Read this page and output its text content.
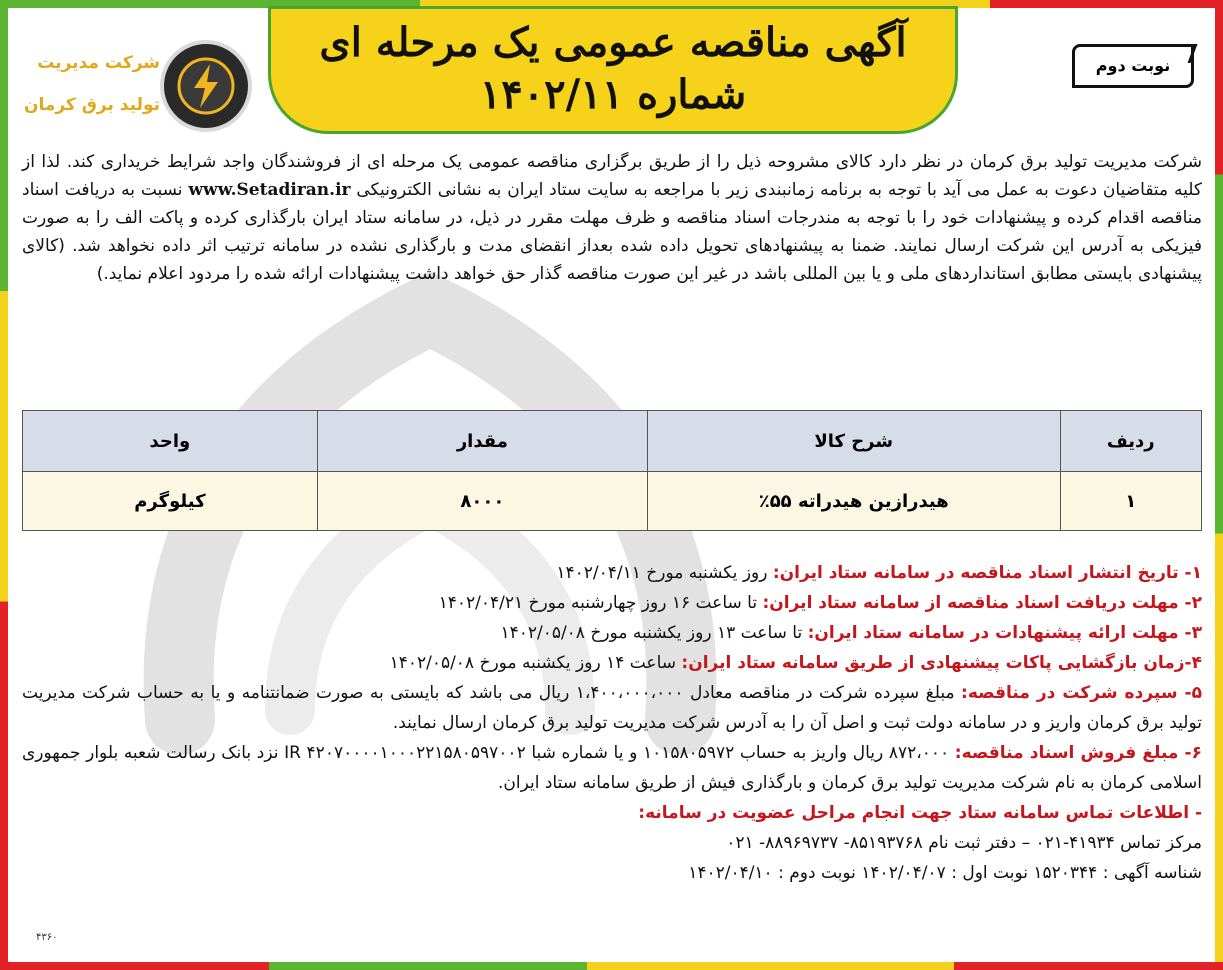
نوبت دوم
آگهی مناقصه عمومی یک مرحله ای
شماره ۱۴۰۲/۱۱
شرکت مدیریت
تولید برق کرمان
شرکت مدیریت تولید برق کرمان در نظر دارد کالای مشروحه ذیل را از طریق برگزاری مناقصه عمومی یک مرحله ای از فروشندگان واجد شرایط خریداری کند. لذا از کلیه متقاضیان دعوت به عمل می آید با توجه به برنامه زمانبندی زیر با مراجعه به سایت ستاد ایران به نشانی الکترونیکی www.Setadiran.ir نسبت به دریافت اسناد مناقصه اقدام کرده و پیشنهادات خود را با توجه به مندرجات اسناد مناقصه و ظرف مهلت مقرر در ذیل، در سامانه ستاد ایران بارگذاری کرده و پاکت الف را به صورت فیزیکی به آدرس این شرکت ارسال نمایند. ضمنا به پیشنهادهای تحویل داده شده بعداز انقضای مدت و بارگذاری نشده در سامانه ترتیب اثر داده نخواهد شد. (کالای پیشنهادی بایستی مطابق استانداردهای ملی و یا بین المللی باشد در غیر این صورت مناقصه گذار حق خواهد داشت پیشنهادات ارائه شده را مردود اعلام نماید.)
ردیف	شرح کالا	مقدار	واحد
۱	هیدرازین هیدراته ۵۵٪	۸۰۰۰	کیلوگرم
۱- تاریخ انتشار اسناد مناقصه در سامانه ستاد ایران: روز یکشنبه مورخ ۱۴۰۲/۰۴/۱۱
۲- مهلت دریافت اسناد مناقصه از سامانه ستاد ایران: تا ساعت ۱۶ روز چهارشنبه مورخ ۱۴۰۲/۰۴/۲۱
۳- مهلت ارائه پیشنهادات در سامانه ستاد ایران: تا ساعت ۱۳ روز یکشنبه مورخ ۱۴۰۲/۰۵/۰۸
۴-زمان بازگشایی پاکات پیشنهادی از طریق سامانه ستاد ایران: ساعت ۱۴ روز یکشنبه مورخ ۱۴۰۲/۰۵/۰۸
۵- سپرده شرکت در مناقصه: مبلغ سپرده شرکت در مناقصه معادل ۱،۴۰۰،۰۰۰،۰۰۰ ریال می باشد که بایستی به صورت ضمانتنامه و یا به حساب شرکت مدیریت تولید برق کرمان واریز و در سامانه دولت ثبت و اصل آن را به آدرس شرکت مدیریت تولید برق کرمان ارسال نمایند.
۶- مبلغ فروش اسناد مناقصه: ۸۷۲،۰۰۰ ریال واریز به حساب ۱۰۱۵۸۰۵۹۷۲ و یا شماره شبا IR ۴۲۰۷۰۰۰۰۱۰۰۰۲۲۱۵۸۰۵۹۷۰۰۲ نزد بانک رسالت شعبه بلوار جمهوری اسلامی کرمان به نام شرکت مدیریت تولید برق کرمان و بارگذاری فیش از طریق سامانه ستاد ایران.
- اطلاعات تماس سامانه ستاد جهت انجام مراحل عضویت در سامانه:
مرکز تماس ۴۱۹۳۴-۰۲۱ – دفتر ثبت نام ۸۵۱۹۳۷۶۸- ۸۸۹۶۹۷۳۷- ۰۲۱
شناسه آگهی : ۱۵۲۰۳۴۴ نوبت اول : ۱۴۰۲/۰۴/۰۷ نوبت دوم : ۱۴۰۲/۰۴/۱۰
۴۳۶۰
